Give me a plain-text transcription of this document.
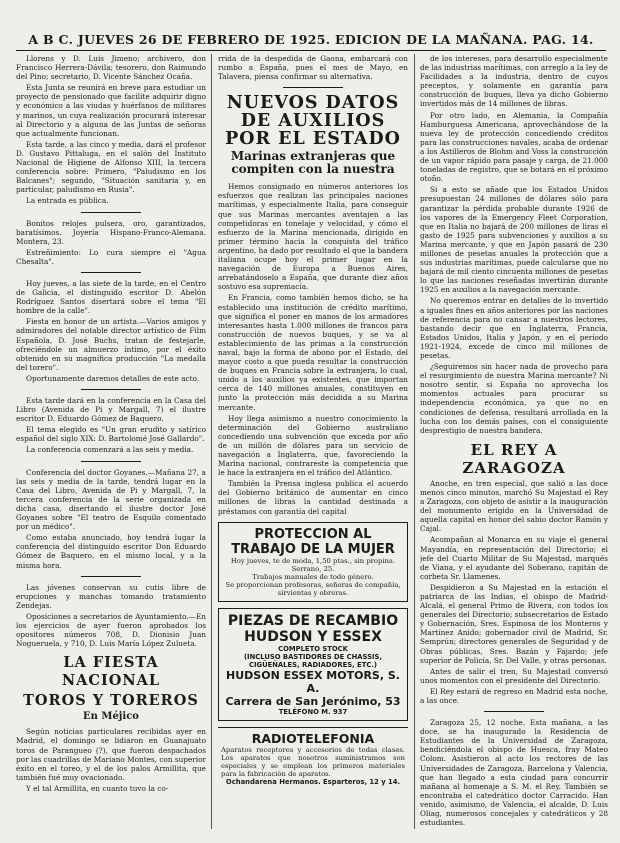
A B C. JUEVES 26 DE FEBRERO DE 1925. EDICION DE LA MAÑANA. PAG. 14.

Llorens y D. Luis Jimeno; archivero, don Francisco Herrera-Dávila; tesorero, don Raimundo del Pino; secretario, D. Vicente Sánchez Ocaña.

Esta Junta se reunirá en breve para estudiar un proyecto de pensionado que facilite adquirir digno y económico a las viudas y huérfanos de militares y marinos, un cuya realización procurará interesar al Directorio y a alguna de las Juntas de señoras que actualmente funcionan.

Esta tarde, a las cinco y media, dará el profesor D. Gustavo Pittaluga, en el salón del Instituto Nacional de Higiene de Alfonso XIII, la tercera conferencia sobre: Primero, "Paludismo en los Balcanes"; segundo, "Situación sanitaria y, en particular, paludismo en Rusia".

La entrada es pública.

Bonitos relojes pulsera, oro, garantizados, baratísimos. Joyería Hispano-Franco-Alemana. Montera, 23.

Estreñimiento: Lo cura siempre el "Agua Chesalta".

Hoy jueves, a las siete de la tarde, en el Centro de Galicia, el distinguido escritor D. Abelón Rodríguez Santos disertará sobre el tema "El hombre de la calle".

Fiesta en honor de un artista.—Varios amigos y admiradores del notable director artístico de Film Española, D. José Buchs, tratan de festejarle, ofreciéndole un almuerzo íntimo, por el éxito obtenido en su magnífica producción "La medalla del torero".

Oportunamente daremos detalles de este acto.

Esta tarde dará en la conferencia en la Casa del Libro (Avenida de Pi y Margall, 7) el ilustre escritor D. Eduardo Gómez de Baquero.

El tema elegido es "Un gran erudito y satírico español del siglo XIX: D. Bartolomé José Gallardo".

La conferencia comenzará a las seis y media.

Conferencia del doctor Goyanes.—Mañana 27, a las seis y media de la tarde, tendrá lugar en la Casa del Libro, Avenida de Pi y Margall, 7, la tercera conferencia de la serie organizada en dicha casa, disertando el ilustre doctor José Goyanes sobre "El teatro de Esquilo comentado por un médico".

Como estaba anunciado, hoy tendrá lugar la conferencia del distinguido escritor Don Eduardo Gómez de Baquero, en el mismo local, y a la misma hora.

Las jóvenes conservan su cutis libre de erupciones y manchas tomando tratamiento Zendejas.

Oposiciones a secretarios de Ayuntamiento.—En los ejercicios de ayer fueron aprobados los opositores números 708, D. Dionisio Juan Nogueruela, y 710, D. Luis María López Zulueta.

LA FIESTA NACIONAL
TOROS Y TOREROS
En Méjico

Según noticias particulares recibidas ayer en Madrid, el domingo se lidiaron en Guanajuato toros de Parangueo (?), que fueron despachados por las cuadrillas de Mariano Montes, con superior éxito en el toreo, y el de los palos Armillita, que también fué muy ovacionado.

Y el tal Armillita, en cuanto tuvo la co-

rrida de la despedida de Gaona, embarcará con rumbo a España, pues el mes de Mayo, en Talavera, piensa confirmar su alternativa.

NUEVOS DATOS DE AUXILIOS POR EL ESTADO
Marinas extranjeras que compiten con la nuestra

Hemos consignado en números anteriores los esfuerzos que realizan las principales naciones marítimas, y especialmente Italia, para conseguir que sus Marinas mercantes aventajen a las competidoras en tonelaje y velocidad, y cómo el esfuerzo de la Marina mencionada, dirigido en primer término hacia la conquista del tráfico argentino, ha dado por resultado el que la bandera italiana ocupe hoy el primer lugar en la navegación de Europa a Buenos Aires, arrebatándoselo a España, que durante diez años sostuvo esa supremacía.

En Francia, como también hemos dicho, se ha establecido una institución de crédito marítimo, que significa el poner en manos de los armadores interesantes hasta 1.000 millones de francos para construcción de nuevos buques, y se va al establecimiento de las primas a la construcción naval, bajo la forma de abono por el Estado, del mayor costo a que pueda resultar la construcción de buques en Francia sobre la extranjera, lo cual, unido a los auxilios ya existentes, que importan cerca de 140 millones anuales, constituyen en junto la protección más decidida a su Marina mercante.

Hoy llega asimismo a nuestro conocimiento la determinación del Gobierno australiano concediendo una subvención que exceda por año de un millón de dólares para un servicio de navegación a Inglaterra, que, favoreciendo la Marina nacional, contrareste la competencia que le hace la extranjera en el tráfico del Atlántico.

También la Prensa inglesa publica el acuerdo del Gobierno británico de aumentar en cinco millones de libras la cantidad destinada a préstamos con garantía del capital

PROTECCION AL TRABAJO DE LA MUJER
Hoy jueves, te de moda, 1,50 ptas., sin propina. Serrano, 25.
Trabajos manuales de todo género.
Se proporcionan profesoras, señoras de compañía, sirvientas y obreras.
PIEZAS DE RECAMBIO
HUDSON Y ESSEX
COMPLETO STOCK
(INCLUSO BASTIDORES DE CHASSIS, CIGÜEÑALES, RADIADORES, ETC.)
HUDSON ESSEX MOTORS, S. A.
Carrera de San Jerónimo, 53
TELÉFONO M. 937
RADIOTELEFONIA
Aparatos receptores y accesorios de todas clases. Los aparatos que nosotros suministramos son especiales y se emplean los primeros materiales para la fabricación de aparatos.
Ochandarena Hermanos. Esparteros, 12 y 14.

de los intereses, para desarrollo especialmente de las industrias marítimas, con arreglo a la ley de Facilidades a la industria, dentro de cuyos preceptos, y solamente en garantía para construcción de buques, lleva ya dicho Gobierno invertidos más de 14 millones de libras.

Por otro lado, en Alemania, la Compañía Hamburguesa Americana, aprovechándose de la nueva ley de protección concediendo créditos para las construcciones navales, acaba de ordenar a los Astilleros de Blohm and Voss la construcción de un vapor rápido para pasaje y carga, de 21.000 toneladas de registro, que se botará en el próximo otoño.

Si a esto se añade que los Estados Unidos presupuestan 24 millones de dólares sólo para garantizar la pérdida probable durante 1926 de los vapores de la Emergency Fleet Corporation, que en Italia no bajará de 200 millones de liras el gasto de 1925 para subvenciones y auxilios a su Marina mercante, y que en Japón pasará de 230 millones de pesetas anuales la protección que a sus industrias marítimas, puede calcularse que no bajará de mil ciento cincuenta millones de pesetas lo que las naciones reseñadas invertirán durante 1925 en auxilios a la navegación mercante.

No queremos entrar en detalles de lo invertido a iguales fines en años anteriores por las naciones de referencia para no cansar a nuestros lectores, bastando decir que en Inglaterra, Francia, Estados Unidos, Italia y Japón, y en el período 1921-1924, excede de cinco mil millones de pesetas.

¿Seguiremos sin hacer nada de provecho para el resurgimiento de nuestra Marina mercante? Ni nosotro sentir, si España no aprovecha los momentos actuales para procurar su independencia económica, ya que no en condiciones de defensa, resultará arrollada en la lucha con los demás países, con el consiguiente desprestigio de nuestra bandera.

EL REY A ZARAGOZA

Anoche, en tren especial, que salió a las doce menos cinco minutos, marchó Su Majestad el Rey a Zaragoza, con objeto de asistir a la inauguración del monumento erigido en la Universidad de aquella capital en honor del sabio doctor Ramón y Cajal.

Acompañan al Monarca en su viaje el general Mayandía, en representación del Directorio; el jefe del Cuarto Militar de Su Majestad, marqués de Viana, y el ayudante del Soberano, capitán de corbeta Sr. Llamenes.

Despidieron a Su Majestad en la estación el patriarca de las Indias, el obispo de Madrid-Alcalá, el general Primo de Rivera, con todos los generales del Directorio; subsecretarios de Estado y Gobernación, Sres. Espinosa de los Monteros y Martínez Anido; gobernador civil de Madrid, Sr. Semprún; directores generales de Seguridad y de Obras públicas, Sres. Bazán y Fajardo; jefe superior de Policía, Sr. Del Valle, y otras personas.

Antes de salir el tren, Su Majestad conversó unos momentos con el presidente del Directorio.

El Rey estará de regreso en Madrid esta noche, a las once.

Zaragoza 25, 12 noche. Esta mañana, a las doce, se ha inaugurado la Residencia de Estudiantes de la Universidad de Zaragoza, bendiciéndola el obispo de Huesca, fray Mateo Colom. Asistieron al acto los rectores de las Universidades de Zaragoza, Barcelona y Valencia, que han llegado a esta ciudad para concurrir mañana al homenaje a S. M. el Rey. También se encontraba el catedrático doctor Carracido. Han venido, asimismo, de Valencia, el alcalde, D. Luis Oliag, numerosos concejales y catedráticos y 28 estudiantes.
